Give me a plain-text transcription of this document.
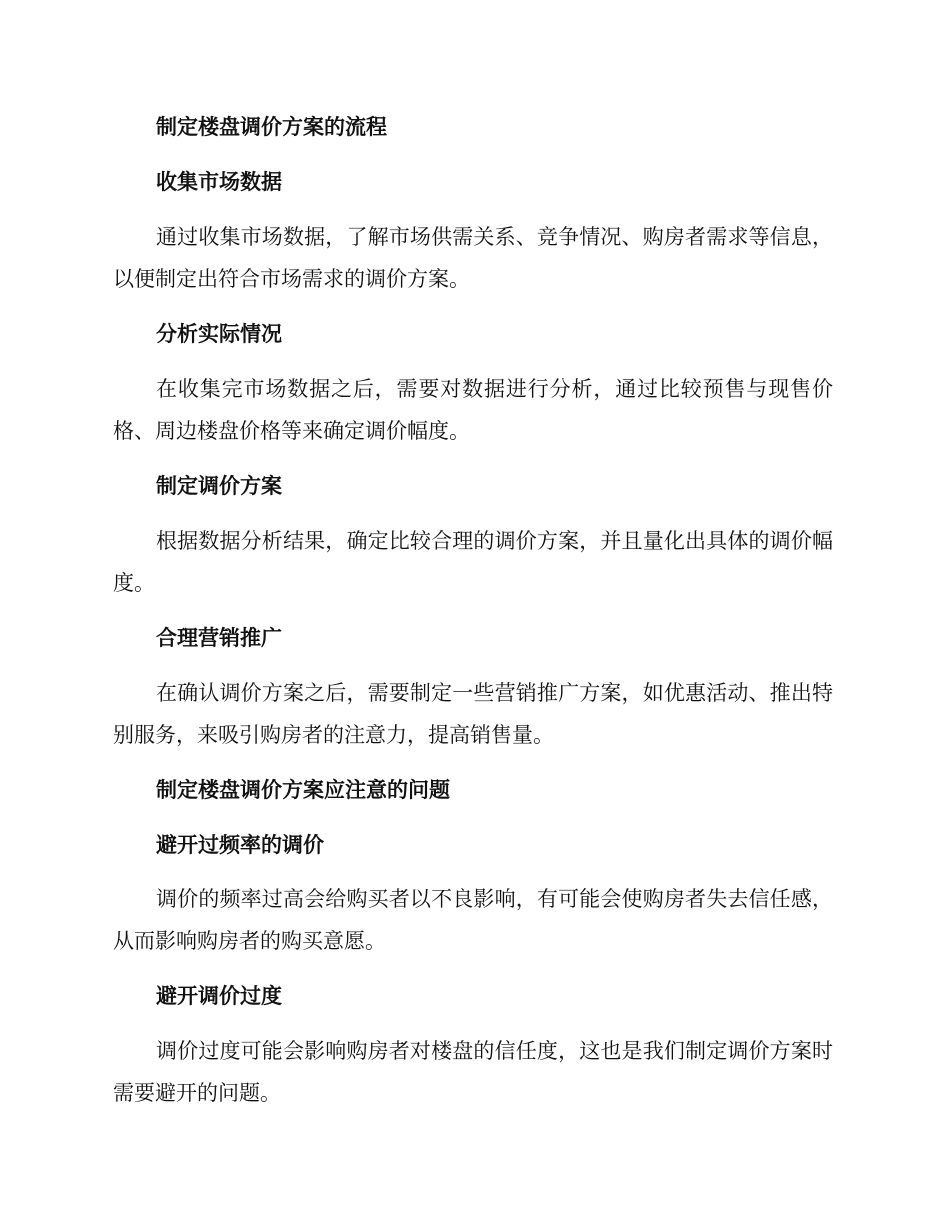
制定楼盘调价方案的流程
收集市场数据

通过收集市场数据，了解市场供需关系、竞争情况、购房者需求等信息，以便制定出符合市场需求的调价方案。

分析实际情况

在收集完市场数据之后，需要对数据进行分析，通过比较预售与现售价格、周边楼盘价格等来确定调价幅度。

制定调价方案

根据数据分析结果，确定比较合理的调价方案，并且量化出具体的调价幅度。

合理营销推广

在确认调价方案之后，需要制定一些营销推广方案，如优惠活动、推出特别服务，来吸引购房者的注意力，提高销售量。

制定楼盘调价方案应注意的问题
避开过频率的调价

调价的频率过高会给购买者以不良影响，有可能会使购房者失去信任感，从而影响购房者的购买意愿。

避开调价过度

调价过度可能会影响购房者对楼盘的信任度，这也是我们制定调价方案时需要避开的问题。
